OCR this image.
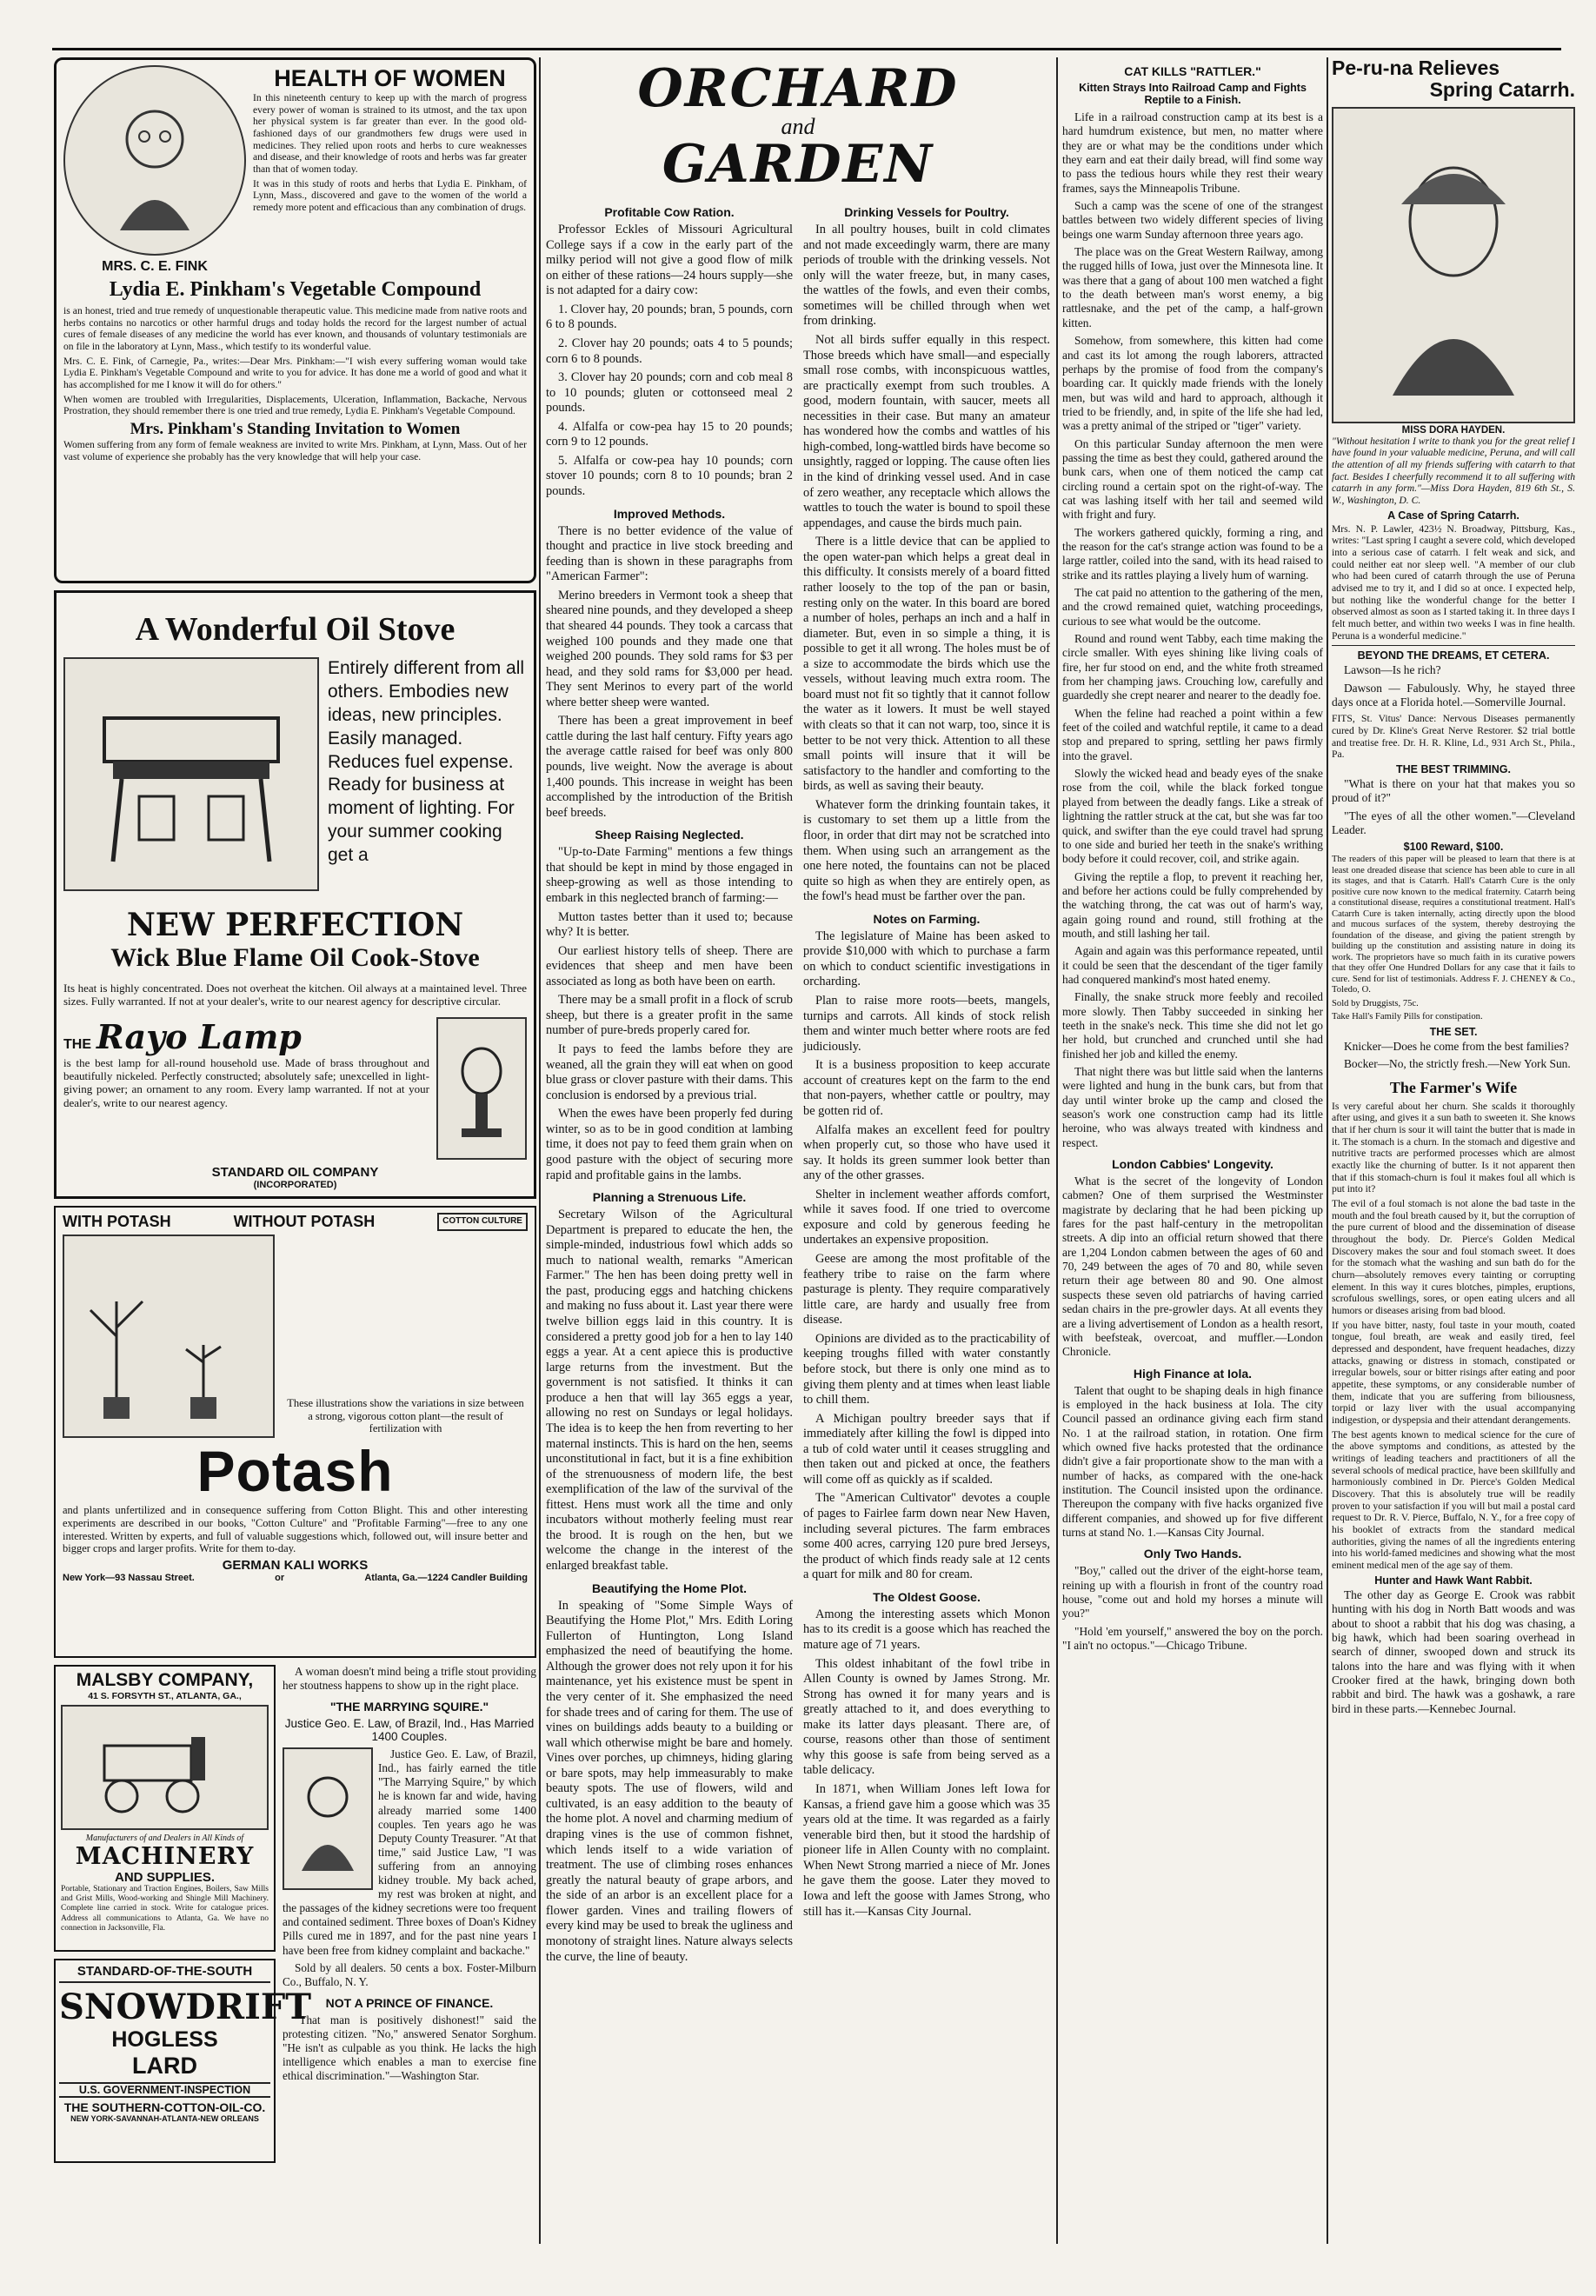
MRS. C. E. FINK
HEALTH OF WOMEN

In this nineteenth century to keep up with the march of progress every power of woman is strained to its utmost, and the tax upon her physical system is far greater than ever. In the good old-fashioned days of our grandmothers few drugs were used in medicines. They relied upon roots and herbs to cure weaknesses and disease, and their knowledge of roots and herbs was far greater than that of women today.

It was in this study of roots and herbs that Lydia E. Pinkham, of Lynn, Mass., discovered and gave to the women of the world a remedy more potent and efficacious than any combination of drugs.

Lydia E. Pinkham's Vegetable Compound

is an honest, tried and true remedy of unquestionable therapeutic value. This medicine made from native roots and herbs contains no narcotics or other harmful drugs and today holds the record for the largest number of actual cures of female diseases of any medicine the world has ever known, and thousands of voluntary testimonials are on file in the laboratory at Lynn, Mass., which testify to its wonderful value.

Mrs. C. E. Fink, of Carnegie, Pa., writes:—Dear Mrs. Pinkham:—"I wish every suffering woman would take Lydia E. Pinkham's Vegetable Compound and write to you for advice. It has done me a world of good and what it has accomplished for me I know it will do for others."

When women are troubled with Irregularities, Displacements, Ulceration, Inflammation, Backache, Nervous Prostration, they should remember there is one tried and true remedy, Lydia E. Pinkham's Vegetable Compound.

Mrs. Pinkham's Standing Invitation to Women

Women suffering from any form of female weakness are invited to write Mrs. Pinkham, at Lynn, Mass. Out of her vast volume of experience she probably has the very knowledge that will help your case.

A Wonderful Oil Stove
Entirely different from all others. Embodies new ideas, new principles. Easily managed. Reduces fuel expense. Ready for business at moment of lighting. For your summer cooking get a
NEW PERFECTION
Wick Blue Flame Oil Cook-Stove

Its heat is highly concentrated. Does not overheat the kitchen. Oil always at a maintained level. Three sizes. Fully warranted. If not at your dealer's, write to our nearest agency for descriptive circular.

THE Rayo Lamp

is the best lamp for all-round household use. Made of brass throughout and beautifully nickeled. Perfectly constructed; absolutely safe; unexcelled in light-giving power; an ornament to any room. Every lamp warranted. If not at your dealer's, write to our nearest agency.

STANDARD OIL COMPANY
(INCORPORATED)
WITH POTASH	WITHOUT POTASH	COTTON CULTURE

These illustrations show the variations in size between a strong, vigorous cotton plant—the result of fertilization with

Potash

and plants unfertilized and in consequence suffering from Cotton Blight. This and other interesting experiments are described in our books, "Cotton Culture" and "Profitable Farming"—free to any one interested. Written by experts, and full of valuable suggestions which, followed out, will insure better and bigger crops and larger profits. Write for them to-day.

GERMAN KALI WORKS
New York—93 Nassau Street.	or	Atlanta, Ga.—1224 Candler Building
MALSBY COMPANY,
41 S. FORSYTH ST., ATLANTA, GA.,
Manufacturers of and Dealers in All Kinds of
MACHINERY
AND SUPPLIES.

Portable, Stationary and Traction Engines, Boilers, Saw Mills and Grist Mills, Wood-working and Shingle Mill Machinery. Complete line carried in stock. Write for catalogue prices. Address all communications to Atlanta, Ga. We have no connection in Jacksonville, Fla.

STANDARD-OF-THE-SOUTH
SNOWDRIFT
HOGLESS
LARD
U.S. GOVERNMENT-INSPECTION
THE SOUTHERN-COTTON-OIL-CO.
NEW YORK-SAVANNAH-ATLANTA-NEW ORLEANS

A woman doesn't mind being a trifle stout providing her stoutness happens to show up in the right place.

"THE MARRYING SQUIRE."
Justice Geo. E. Law, of Brazil, Ind., Has Married 1400 Couples.

Justice Geo. E. Law, of Brazil, Ind., has fairly earned the title "The Marrying Squire," by which he is known far and wide, having already married some 1400 couples. Ten years ago he was Deputy County Treasurer. "At that time," said Justice Law, "I was suffering from an annoying kidney trouble. My back ached, my rest was broken at night, and the passages of the kidney secretions were too frequent and contained sediment. Three boxes of Doan's Kidney Pills cured me in 1897, and for the past nine years I have been free from kidney complaint and backache."

Sold by all dealers. 50 cents a box. Foster-Milburn Co., Buffalo, N. Y.

NOT A PRINCE OF FINANCE.

"That man is positively dishonest!" said the protesting citizen. "No," answered Senator Sorghum. "He isn't as culpable as you think. He lacks the high intelligence which enables a man to exercise fine ethical discrimination."—Washington Star.

ORCHARD
and
GARDEN
Profitable Cow Ration.

Professor Eckles of Missouri Agricultural College says if a cow in the early part of the milky period will not give a good flow of milk on either of these rations—24 hours supply—she is not adapted for a dairy cow:

1. Clover hay, 20 pounds; bran, 5 pounds, corn 6 to 8 pounds.

2. Clover hay 20 pounds; oats 4 to 5 pounds; corn 6 to 8 pounds.

3. Clover hay 20 pounds; corn and cob meal 8 to 10 pounds; gluten or cottonseed meal 2 pounds.

4. Alfalfa or cow-pea hay 15 to 20 pounds; corn 9 to 12 pounds.

5. Alfalfa or cow-pea hay 10 pounds; corn stover 10 pounds; corn 8 to 10 pounds; bran 2 pounds.

Improved Methods.

There is no better evidence of the value of thought and practice in live stock breeding and feeding than is shown in these paragraphs from "American Farmer":

Merino breeders in Vermont took a sheep that sheared nine pounds, and they developed a sheep that sheared 44 pounds. They took a carcass that weighed 100 pounds and they made one that weighed 200 pounds. They sold rams for $3 per head, and they sold rams for $3,000 per head. They sent Merinos to every part of the world where better sheep were wanted.

There has been a great improvement in beef cattle during the last half century. Fifty years ago the average cattle raised for beef was only 800 pounds, live weight. Now the average is about 1,400 pounds. This increase in weight has been accomplished by the introduction of the British beef breeds.

Sheep Raising Neglected.

"Up-to-Date Farming" mentions a few things that should be kept in mind by those engaged in sheep-growing as well as those intending to embark in this neglected branch of farming:—

Mutton tastes better than it used to; because why? It is better.

Our earliest history tells of sheep. There are evidences that sheep and men have been associated as long as both have been on earth.

There may be a small profit in a flock of scrub sheep, but there is a greater profit in the same number of pure-breds properly cared for.

It pays to feed the lambs before they are weaned, all the grain they will eat when on good blue grass or clover pasture with their dams. This conclusion is endorsed by a previous trial.

When the ewes have been properly fed during winter, so as to be in good condition at lambing time, it does not pay to feed them grain when on good pasture with the object of securing more rapid and profitable gains in the lambs.

Planning a Strenuous Life.

Secretary Wilson of the Agricultural Department is prepared to educate the hen, the simple-minded, industrious fowl which adds so much to national wealth, remarks "American Farmer." The hen has been doing pretty well in the past, producing eggs and hatching chickens and making no fuss about it. Last year there were twelve billion eggs laid in this country. It is considered a pretty good job for a hen to lay 140 eggs a year. At a cent apiece this is productive large returns from the investment. But the government is not satisfied. It thinks it can produce a hen that will lay 365 eggs a year, allowing no rest on Sundays or legal holidays. The idea is to keep the hen from reverting to her maternal instincts. This is hard on the hen, seems unconstitutional in fact, but it is a fine exhibition of the strenuousness of modern life, the best exemplification of the law of the survival of the fittest. Hens must work all the time and only incubators without motherly feeling must rear the brood. It is rough on the hen, but we welcome the change in the interest of the enlarged breakfast table.

Beautifying the Home Plot.

In speaking of "Some Simple Ways of Beautifying the Home Plot," Mrs. Edith Loring Fullerton of Huntington, Long Island emphasized the need of beautifying the home. Although the grower does not rely upon it for his maintenance, yet his existence must be spent in the very center of it. She emphasized the need for shade trees and of caring for them. The use of vines on buildings adds beauty to a building or wall which otherwise might be bare and homely. Vines over porches, up chimneys, hiding glaring or bare spots, may help immeasurably to make beauty spots. The use of flowers, wild and cultivated, is an easy addition to the beauty of the home plot. A novel and charming medium of draping vines is the use of common fishnet, which lends itself to a wide variation of treatment. The use of climbing roses enhances greatly the natural beauty of grape arbors, and the side of an arbor is an excellent place for a flower garden. Vines and trailing flowers of every kind may be used to break the ugliness and monotony of straight lines. Nature always selects the curve, the line of beauty.

Drinking Vessels for Poultry.

In all poultry houses, built in cold climates and not made exceedingly warm, there are many periods of trouble with the drinking vessels. Not only will the water freeze, but, in many cases, the wattles of the fowls, and even their combs, sometimes will be chilled through when wet from drinking.

Not all birds suffer equally in this respect. Those breeds which have small—and especially small rose combs, with inconspicuous wattles, are practically exempt from such troubles. A good, modern fountain, with saucer, meets all necessities in their case. But many an amateur has wondered how the combs and wattles of his high-combed, long-wattled birds have become so unsightly, ragged or lopping. The cause often lies in the kind of drinking vessel used. And in case of zero weather, any receptacle which allows the wattles to touch the water is bound to spoil these appendages, and cause the birds much pain.

There is a little device that can be applied to the open water-pan which helps a great deal in this difficulty. It consists merely of a board fitted rather loosely to the top of the pan or basin, resting only on the water. In this board are bored a number of holes, perhaps an inch and a half in diameter. But, even in so simple a thing, it is possible to get it all wrong. The holes must be of a size to accommodate the birds which use the vessels, without leaving much extra room. The board must not fit so tightly that it cannot follow the water as it lowers. It must be well stayed with cleats so that it can not warp, too, since it is better to be not very thick. Attention to all these small points will insure that it will be satisfactory to the handler and comforting to the birds, as well as saving their beauty.

Whatever form the drinking fountain takes, it is customary to set them up a little from the floor, in order that dirt may not be scratched into them. When using such an arrangement as the one here noted, the fountains can not be placed quite so high as when they are entirely open, as the fowl's head must be farther over the pan.

Notes on Farming.

The legislature of Maine has been asked to provide $10,000 with which to purchase a farm on which to conduct scientific investigations in orcharding.

Plan to raise more roots—beets, mangels, turnips and carrots. All kinds of stock relish them and winter much better where roots are fed judiciously.

It is a business proposition to keep accurate account of creatures kept on the farm to the end that non-payers, whether cattle or poultry, may be gotten rid of.

Alfalfa makes an excellent feed for poultry when properly cut, so those who have used it say. It holds its green summer look better than any of the other grasses.

Shelter in inclement weather affords comfort, while it saves food. If one tried to overcome exposure and cold by generous feeding he undertakes an expensive proposition.

Geese are among the most profitable of the feathery tribe to raise on the farm where pasturage is plenty. They require comparatively little care, are hardy and usually free from disease.

Opinions are divided as to the practicability of keeping troughs filled with water constantly before stock, but there is only one mind as to giving them plenty and at times when least liable to chill them.

A Michigan poultry breeder says that if immediately after killing the fowl is dipped into a tub of cold water until it ceases struggling and then taken out and picked at once, the feathers will come off as quickly as if scalded.

The "American Cultivator" devotes a couple of pages to Fairlee farm down near New Haven, including several pictures. The farm embraces some 400 acres, carrying 120 pure bred Jerseys, the product of which finds ready sale at 12 cents a quart for milk and 80 for cream.

The Oldest Goose.

Among the interesting assets which Monon has to its credit is a goose which has reached the mature age of 71 years.

This oldest inhabitant of the fowl tribe in Allen County is owned by James Strong. Mr. Strong has owned it for many years and is greatly attached to it, and does everything to make its latter days pleasant. There are, of course, reasons other than those of sentiment why this goose is safe from being served as a table delicacy.

In 1871, when William Jones left Iowa for Kansas, a friend gave him a goose which was 35 years old at the time. It was regarded as a fairly venerable bird then, but it stood the hardship of pioneer life in Allen County with no complaint. When Newt Strong married a niece of Mr. Jones he gave them the goose. Later they moved to Iowa and left the goose with James Strong, who still has it.—Kansas City Journal.

CAT KILLS "RATTLER."
Kitten Strays Into Railroad Camp and Fights Reptile to a Finish.

Life in a railroad construction camp at its best is a hard humdrum existence, but men, no matter where they are or what may be the conditions under which they earn and eat their daily bread, will find some way to pass the tedious hours while they rest their weary frames, says the Minneapolis Tribune.

Such a camp was the scene of one of the strangest battles between two widely different species of living beings one warm Sunday afternoon three years ago.

The place was on the Great Western Railway, among the rugged hills of Iowa, just over the Minnesota line. It was there that a gang of about 100 men watched a fight to the death between man's worst enemy, a big rattlesnake, and the pet of the camp, a half-grown kitten.

Somehow, from somewhere, this kitten had come and cast its lot among the rough laborers, attracted perhaps by the promise of food from the company's boarding car. It quickly made friends with the lonely men, but was wild and hard to approach, although it tried to be friendly, and, in spite of the life she had led, was a pretty animal of the striped or "tiger" variety.

On this particular Sunday afternoon the men were passing the time as best they could, gathered around the bunk cars, when one of them noticed the camp cat circling round a certain spot on the right-of-way. The cat was lashing itself with her tail and seemed wild with fright and fury.

The workers gathered quickly, forming a ring, and the reason for the cat's strange action was found to be a large rattler, coiled into the sand, with its head raised to strike and its rattles playing a lively hum of warning.

The cat paid no attention to the gathering of the men, and the crowd remained quiet, watching proceedings, curious to see what would be the outcome.

Round and round went Tabby, each time making the circle smaller. With eyes shining like living coals of fire, her fur stood on end, and the white froth streamed from her champing jaws. Crouching low, carefully and guardedly she crept nearer and nearer to the deadly foe.

When the feline had reached a point within a few feet of the coiled and watchful reptile, it came to a dead stop and prepared to spring, settling her paws firmly into the gravel.

Slowly the wicked head and beady eyes of the snake rose from the coil, while the black forked tongue played from between the deadly fangs. Like a streak of lightning the rattler struck at the cat, but she was far too quick, and swifter than the eye could travel had sprung to one side and buried her teeth in the snake's writhing body before it could recover, coil, and strike again.

Giving the reptile a flop, to prevent it reaching her, and before her actions could be fully comprehended by the watching throng, the cat was out of harm's way, again going round and round, still frothing at the mouth, and still lashing her tail.

Again and again was this performance repeated, until it could be seen that the descendant of the tiger family had conquered mankind's most hated enemy.

Finally, the snake struck more feebly and recoiled more slowly. Then Tabby succeeded in sinking her teeth in the snake's neck. This time she did not let go her hold, but crunched and crunched until she had finished her job and killed the enemy.

That night there was but little said when the lanterns were lighted and hung in the bunk cars, but from that day until winter broke up the camp and closed the season's work one construction camp had its little heroine, who was always treated with kindness and respect.

London Cabbies' Longevity.

What is the secret of the longevity of London cabmen? One of them surprised the Westminster magistrate by declaring that he had been picking up fares for the past half-century in the metropolitan streets. A dip into an official return showed that there are 1,204 London cabmen between the ages of 60 and 70, 249 between the ages of 70 and 80, while seven return their age between 80 and 90. One almost suspects these seven old patriarchs of having carried sedan chairs in the pre-growler days. At all events they are a living advertisement of London as a health resort, with beefsteak, overcoat, and muffler.—London Chronicle.

High Finance at Iola.

Talent that ought to be shaping deals in high finance is employed in the hack business at Iola. The city Council passed an ordinance giving each firm stand No. 1 at the railroad station, in rotation. One firm which owned five hacks protested that the ordinance didn't give a fair proportionate show to the man with a number of hacks, as compared with the one-hack institution. The Council insisted upon the ordinance. Thereupon the company with five hacks organized five different companies, and showed up for five different turns at stand No. 1.—Kansas City Journal.

Only Two Hands.

"Boy," called out the driver of the eight-horse team, reining up with a flourish in front of the country road house, "come out and hold my horses a minute will you?"

"Hold 'em yourself," answered the boy on the porch. "I ain't no octopus."—Chicago Tribune.

Pe-ru-na Relieves
Spring Catarrh.
MISS DORA HAYDEN.

"Without hesitation I write to thank you for the great relief I have found in your valuable medicine, Peruna, and will call the attention of all my friends suffering with catarrh to that fact. Besides I cheerfully recommend it to all suffering with catarrh in any form."—Miss Dora Hayden, 819 6th St., S. W., Washington, D. C.

A Case of Spring Catarrh.

Mrs. N. P. Lawler, 423½ N. Broadway, Pittsburg, Kas., writes: "Last spring I caught a severe cold, which developed into a serious case of catarrh. I felt weak and sick, and could neither eat nor sleep well. "A member of our club who had been cured of catarrh through the use of Peruna advised me to try it, and I did so at once. I expected help, but nothing like the wonderful change for the better I observed almost as soon as I started taking it. In three days I felt much better, and within two weeks I was in fine health. Peruna is a wonderful medicine."

BEYOND THE DREAMS, ET CETERA.

Lawson—Is he rich?

Dawson — Fabulously. Why, he stayed three days once at a Florida hotel.—Somerville Journal.

FITS, St. Vitus' Dance: Nervous Diseases permanently cured by Dr. Kline's Great Nerve Restorer. $2 trial bottle and treatise free. Dr. H. R. Kline, Ld., 931 Arch St., Phila., Pa.

THE BEST TRIMMING.

"What is there on your hat that makes you so proud of it?"

"The eyes of all the other women."—Cleveland Leader.

$100 Reward, $100.

The readers of this paper will be pleased to learn that there is at least one dreaded disease that science has been able to cure in all its stages, and that is Catarrh. Hall's Catarrh Cure is the only positive cure now known to the medical fraternity. Catarrh being a constitutional disease, requires a constitutional treatment. Hall's Catarrh Cure is taken internally, acting directly upon the blood and mucous surfaces of the system, thereby destroying the foundation of the disease, and giving the patient strength by building up the constitution and assisting nature in doing its work. The proprietors have so much faith in its curative powers that they offer One Hundred Dollars for any case that it fails to cure. Send for list of testimonials. Address F. J. CHENEY & Co., Toledo, O.

Sold by Druggists, 75c.

Take Hall's Family Pills for constipation.

THE SET.

Knicker—Does he come from the best families?

Bocker—No, the strictly fresh.—New York Sun.

The Farmer's Wife

Is very careful about her churn. She scalds it thoroughly after using, and gives it a sun bath to sweeten it. She knows that if her churn is sour it will taint the butter that is made in it. The stomach is a churn. In the stomach and digestive and nutritive tracts are performed processes which are almost exactly like the churning of butter. Is it not apparent then that if this stomach-churn is foul it makes foul all which is put into it?

The evil of a foul stomach is not alone the bad taste in the mouth and the foul breath caused by it, but the corruption of the pure current of blood and the dissemination of disease throughout the body. Dr. Pierce's Golden Medical Discovery makes the sour and foul stomach sweet. It does for the stomach what the washing and sun bath do for the churn—absolutely removes every tainting or corrupting element. In this way it cures blotches, pimples, eruptions, scrofulous swellings, sores, or open eating ulcers and all humors or diseases arising from bad blood.

If you have bitter, nasty, foul taste in your mouth, coated tongue, foul breath, are weak and easily tired, feel depressed and despondent, have frequent headaches, dizzy attacks, gnawing or distress in stomach, constipated or irregular bowels, sour or bitter risings after eating and poor appetite, these symptoms, or any considerable number of them, indicate that you are suffering from biliousness, torpid or lazy liver with the usual accompanying indigestion, or dyspepsia and their attendant derangements.

The best agents known to medical science for the cure of the above symptoms and conditions, as attested by the writings of leading teachers and practitioners of all the several schools of medical practice, have been skillfully and harmoniously combined in Dr. Pierce's Golden Medical Discovery. That this is absolutely true will be readily proven to your satisfaction if you will but mail a postal card request to Dr. R. V. Pierce, Buffalo, N. Y., for a free copy of his booklet of extracts from the standard medical authorities, giving the names of all the ingredients entering into his world-famed medicines and showing what the most eminent medical men of the age say of them.

Hunter and Hawk Want Rabbit.

The other day as George E. Crook was rabbit hunting with his dog in North Batt woods and was about to shoot a rabbit that his dog was chasing, a big hawk, which had been soaring overhead in search of dinner, swooped down and struck its talons into the hare and was flying with it when Crooker fired at the hawk, bringing down both rabbit and bird. The hawk was a goshawk, a rare bird in these parts.—Kennebec Journal.
